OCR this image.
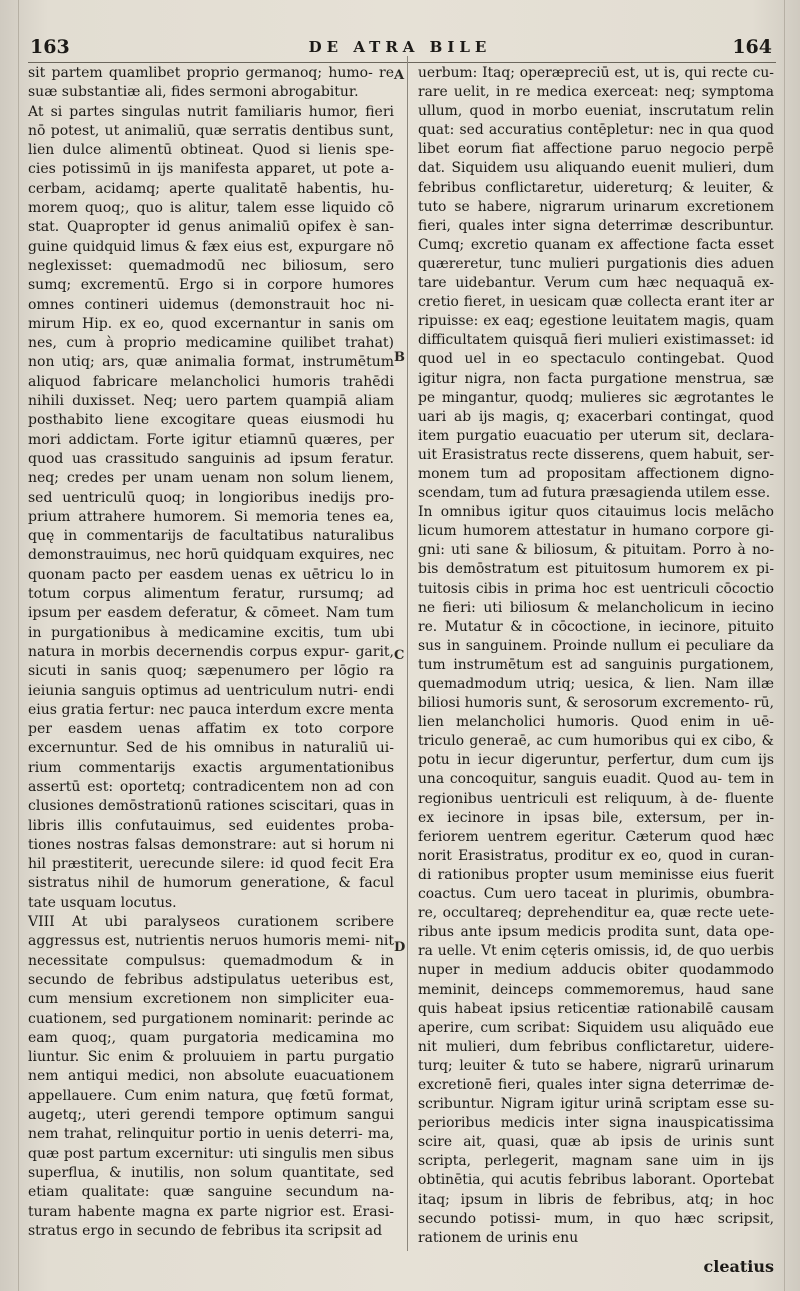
163	DE ATRA BILE	164
A
B
C
D

sit partem quamlibet proprio germanoq; humo- re suæ substantiæ ali, fides sermoni abrogabitur.

At si partes singulas nutrit familiaris humor, fieri nō potest, ut animaliū, quæ serratis dentibus sunt, lien dulce alimentū obtineat. Quod si lienis spe- cies potissimū in ijs manifesta apparet, ut pote a- cerbam, acidamq; aperte qualitatē habentis, hu- morem quoq;, quo is alitur, talem esse liquido cō stat. Quapropter id genus animaliū opifex è san- guine quidquid limus & fæx eius est, expurgare nō neglexisset: quemadmodū nec biliosum, sero sumq; excrementū. Ergo si in corpore humores omnes contineri uidemus (demonstrauit hoc ni- mirum Hip. ex eo, quod excernantur in sanis om nes, cum à proprio medicamine quilibet trahat) non utiq; ars, quæ animalia format, instrumētum aliquod fabricare melancholici humoris trahēdi nihili duxisset. Neq; uero partem quampiā aliam posthabito liene excogitare queas eiusmodi hu mori addictam. Forte igitur etiamnū quæres, per quod uas crassitudo sanguinis ad ipsum feratur. neq; credes per unam uenam non solum lienem, sed uentriculū quoq; in longioribus inedijs pro- prium attrahere humorem. Si memoria tenes ea, quę in commentarijs de facultatibus naturalibus demonstrauimus, nec horū quidquam exquires, nec quonam pacto per easdem uenas ex uētricu lo in totum corpus alimentum feratur, rursumq; ad ipsum per easdem deferatur, & cōmeet. Nam tum in purgationibus à medicamine excitis, tum ubi natura in morbis decernendis corpus expur- garit, sicuti in sanis quoq; sæpenumero per lōgio ra ieiunia sanguis optimus ad uentriculum nutri- endi eius gratia fertur: nec pauca interdum excre menta per easdem uenas affatim ex toto corpore excernuntur. Sed de his omnibus in naturaliū ui- rium commentarijs exactis argumentationibus assertū est: oportetq; contradicentem non ad con clusiones demōstrationū rationes sciscitari, quas in libris illis confutauimus, sed euidentes proba- tiones nostras falsas demonstrare: aut si horum ni hil præstiterit, uerecunde silere: id quod fecit Era sistratus nihil de humorum generatione, & facul tate usquam locutus.

VIII At ubi paralyseos curationem scribere aggressus est, nutrientis neruos humoris memi- nit necessitate compulsus: quemadmodum & in secundo de febribus adstipulatus ueteribus est, cum mensium excretionem non simpliciter eua- cuationem, sed purgationem nominarit: perinde ac eam quoq;, quam purgatoria medicamina mo liuntur. Sic enim & proluuiem in partu purgatio nem antiqui medici, non absolute euacuationem appellauere. Cum enim natura, quę fœtū format, augetq;, uteri gerendi tempore optimum sangui nem trahat, relinquitur portio in uenis deterri- ma, quæ post partum excernitur: uti singulis men sibus superflua, & inutilis, non solum quantitate, sed etiam qualitate: quæ sanguine secundum na- turam habente magna ex parte nigrior est. Erasi- stratus ergo in secundo de febribus ita scripsit ad

uerbum: Itaq; operæpreciū est, ut is, qui recte cu- rare uelit, in re medica exerceat: neq; symptoma ullum, quod in morbo eueniat, inscrutatum relin quat: sed accuratius contēpletur: nec in qua quod libet eorum fiat affectione paruo negocio perpē dat. Siquidem usu aliquando euenit mulieri, dum febribus conflictaretur, uidereturq; & leuiter, & tuto se habere, nigrarum urinarum excretionem fieri, quales inter signa deterrimæ describuntur. Cumq; excretio quanam ex affectione facta esset quæreretur, tunc mulieri purgationis dies aduen tare uidebantur. Verum cum hæc nequaquā ex- cretio fieret, in uesicam quæ collecta erant iter ar ripuisse: ex eaq; egestione leuitatem magis, quam difficultatem quisquā fieri mulieri existimasset: id quod uel in eo spectaculo contingebat. Quod igitur nigra, non facta purgatione menstrua, sæ pe mingantur, quodq; mulieres sic ægrotantes le uari ab ijs magis, q; exacerbari contingat, quod item purgatio euacuatio per uterum sit, declara- uit Erasistratus recte disserens, quem habuit, ser- monem tum ad propositam affectionem digno- scendam, tum ad futura præsagienda utilem esse.

In omnibus igitur quos citauimus locis melācho licum humorem attestatur in humano corpore gi- gni: uti sane & biliosum, & pituitam. Porro à no- bis demōstratum est pituitosum humorem ex pi- tuitosis cibis in prima hoc est uentriculi cōcoctio ne fieri: uti biliosum & melancholicum in iecino re. Mutatur & in cōcoctione, in iecinore, pituito sus in sanguinem. Proinde nullum ei peculiare da tum instrumētum est ad sanguinis purgationem, quemadmodum utriq; uesica, & lien. Nam illæ biliosi humoris sunt, & serosorum excremento- rū, lien melancholici humoris. Quod enim in uē- triculo generaē, ac cum humoribus qui ex cibo, & potu in iecur digeruntur, perfertur, dum cum ijs una concoquitur, sanguis euadit. Quod au- tem in regionibus uentriculi est reliquum, à de- fluente ex iecinore in ipsas bile, extersum, per in- feriorem uentrem egeritur. Cæterum quod hæc norit Erasistratus, proditur ex eo, quod in curan- di rationibus propter usum meminisse eius fuerit coactus. Cum uero taceat in plurimis, obumbra- re, occultareq; deprehenditur ea, quæ recte uete- ribus ante ipsum medicis prodita sunt, data ope- ra uelle. Vt enim cęteris omissis, id, de quo uerbis nuper in medium adducis obiter quodammodo meminit, deinceps commemoremus, haud sane quis habeat ipsius reticentiæ rationabilē causam aperire, cum scribat: Siquidem usu aliquādo eue nit mulieri, dum febribus conflictaretur, uidere- turq; leuiter & tuto se habere, nigrarū urinarum excretionē fieri, quales inter signa deterrimæ de- scribuntur. Nigram igitur urinā scriptam esse su- perioribus medicis inter signa inauspicatissima scire ait, quasi, quæ ab ipsis de urinis sunt scripta, perlegerit, magnam sane uim in ijs obtinētia, qui acutis febribus laborant. Oportebat itaq; ipsum in libris de febribus, atq; in hoc secundo potissi- mum, in quo hæc scripsit, rationem de urinis enu

cleatius
